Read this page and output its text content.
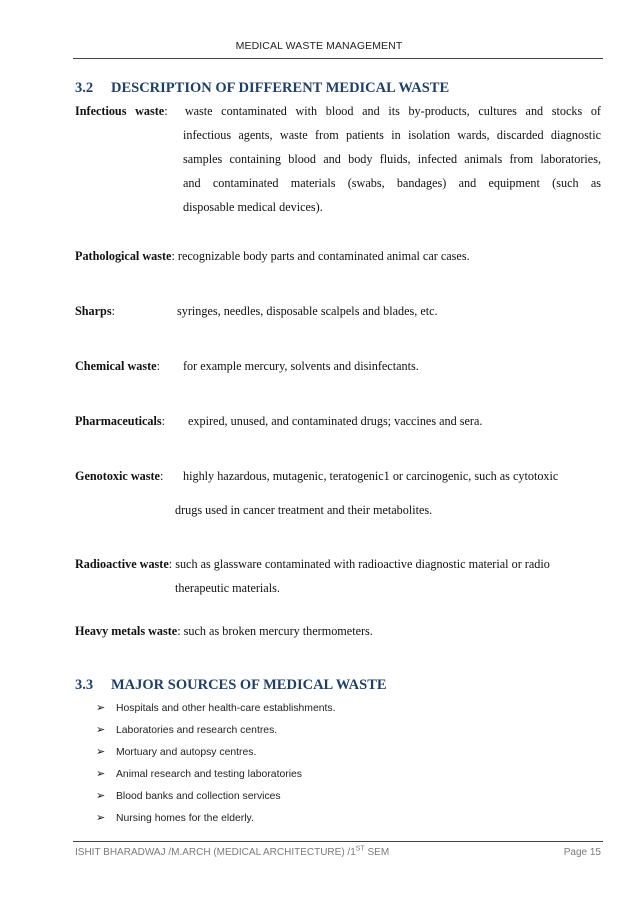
MEDICAL WASTE MANAGEMENT
3.2 DESCRIPTION OF DIFFERENT MEDICAL WASTE
Infectious waste:  waste contaminated with blood and its by-products, cultures and stocks of
infectious agents, waste from patients in isolation wards, discarded diagnostic
samples containing blood and body fluids, infected animals from laboratories,
and contaminated materials (swabs, bandages) and equipment (such as
disposable medical devices).
Pathological waste: recognizable body parts and contaminated animal car cases.
Sharps:	syringes, needles, disposable scalpels and blades, etc.
Chemical waste:	for example mercury, solvents and disinfectants.
Pharmaceuticals:	expired, unused, and contaminated drugs; vaccines and sera.
Genotoxic waste:	highly hazardous, mutagenic, teratogenic1 or carcinogenic, such as cytotoxic
drugs used in cancer treatment and their metabolites.
Radioactive waste: such as glassware contaminated with radioactive diagnostic material or radio
therapeutic materials.
Heavy metals waste: such as broken mercury thermometers.
3.3 MAJOR SOURCES OF MEDICAL WASTE
➢ Hospitals and other health-care establishments.
➢ Laboratories and research centres.
➢ Mortuary and autopsy centres.
➢ Animal research and testing laboratories
➢ Blood banks and collection services
➢ Nursing homes for the elderly.
ISHIT BHARADWAJ /M.ARCH (MEDICAL ARCHITECTURE) /1ST SEM	Page 15
